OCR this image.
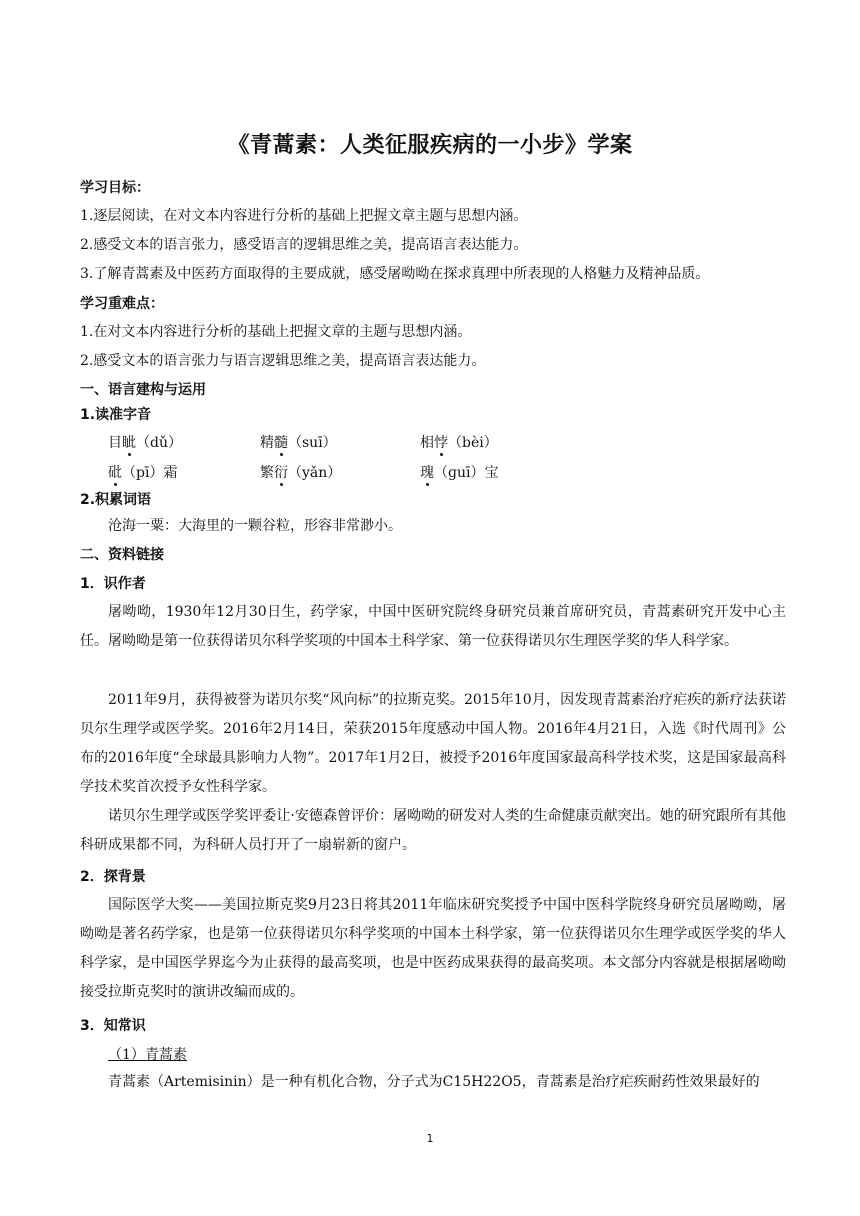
《青蒿素：人类征服疾病的一小步》学案
学习目标：
1.逐层阅读，在对文本内容进行分析的基础上把握文章主题与思想内涵。
2.感受文本的语言张力，感受语言的逻辑思维之美，提高语言表达能力。
3.了解青蒿素及中医药方面取得的主要成就，感受屠呦呦在探求真理中所表现的人格魅力及精神品质。
学习重难点：
1.在对文本内容进行分析的基础上把握文章的主题与思想内涵。
2.感受文本的语言张力与语言逻辑思维之美，提高语言表达能力。
一、语言建构与运用
1.读准字音
目眦（dǔ）	精髓（suī）	相悖（bèi）
砒（pī）霜	繁衍（yǎn）	瑰（ɡuī）宝
2.积累词语
沧海一粟：大海里的一颗谷粒，形容非常渺小。
二、资料链接
1．识作者
屠呦呦，1930年12月30日生，药学家，中国中医研究院终身研究员兼首席研究员，青蒿素研究开发中心主任。屠呦呦是第一位获得诺贝尔科学奖项的中国本土科学家、第一位获得诺贝尔生理医学奖的华人科学家。
2011年9月，获得被誉为诺贝尔奖“风向标”的拉斯克奖。2015年10月，因发现青蒿素治疗疟疾的新疗法获诺贝尔生理学或医学奖。2016年2月14日，荣获2015年度感动中国人物。2016年4月21日，入选《时代周刊》公布的2016年度“全球最具影响力人物”。2017年1月2日，被授予2016年度国家最高科学技术奖，这是国家最高科学技术奖首次授予女性科学家。
诺贝尔生理学或医学奖评委让·安德森曾评价：屠呦呦的研发对人类的生命健康贡献突出。她的研究跟所有其他科研成果都不同，为科研人员打开了一扇崭新的窗户。
2．探背景
国际医学大奖——美国拉斯克奖9月23日将其2011年临床研究奖授予中国中医科学院终身研究员屠呦呦，屠呦呦是著名药学家，也是第一位获得诺贝尔科学奖项的中国本土科学家，第一位获得诺贝尔生理学或医学奖的华人科学家，是中国医学界迄今为止获得的最高奖项，也是中医药成果获得的最高奖项。本文部分内容就是根据屠呦呦接受拉斯克奖时的演讲改编而成的。
3．知常识
（1）青蒿素
青蒿素（Artemisinin）是一种有机化合物，分子式为C15H22O5，青蒿素是治疗疟疾耐药性效果最好的
1
